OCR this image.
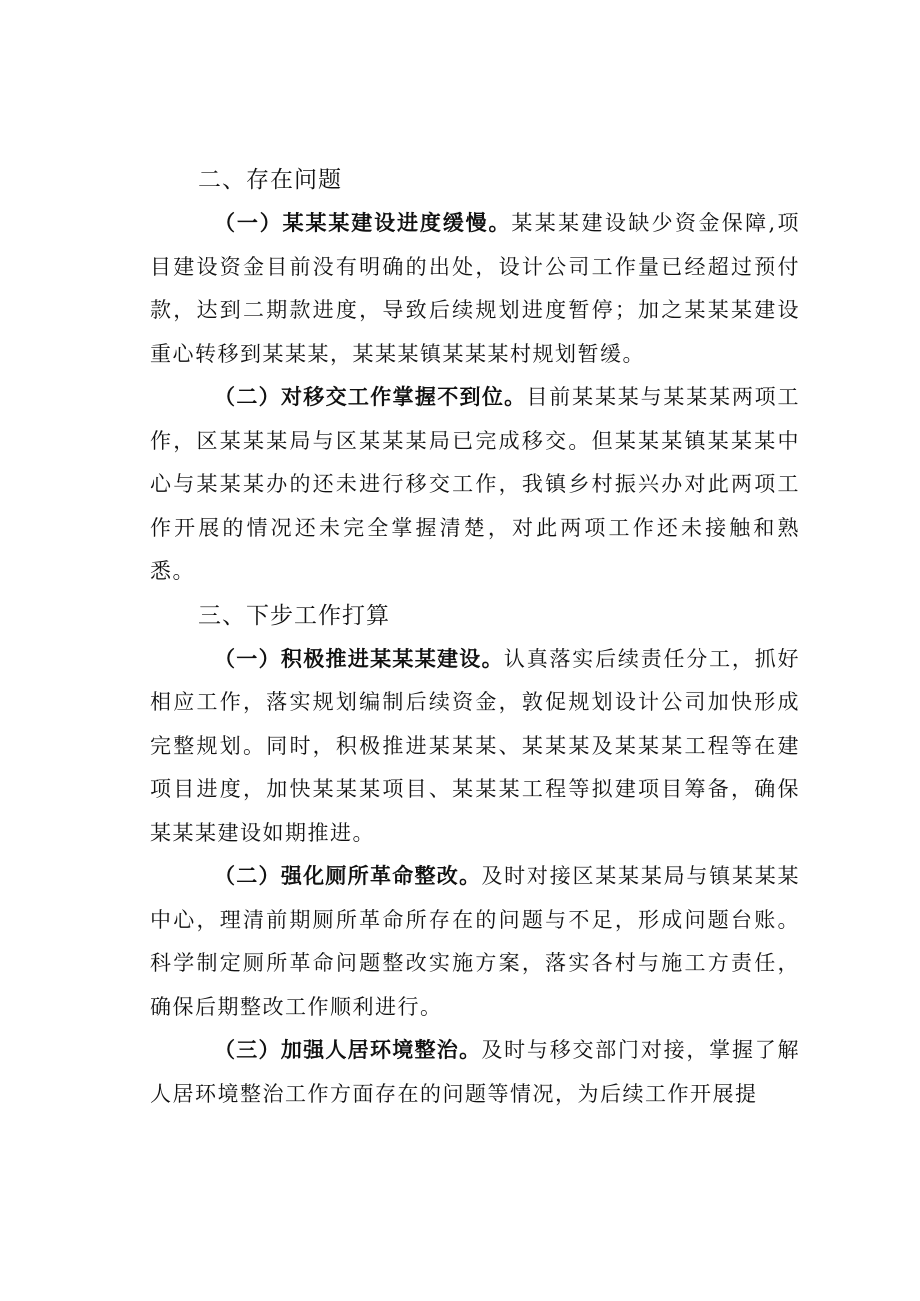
二、存在问题

（一）某某某建设进度缓慢。某某某建设缺少资金保障,项目建设资金目前没有明确的出处，设计公司工作量已经超过预付款，达到二期款进度，导致后续规划进度暂停；加之某某某建设重心转移到某某某，某某某镇某某某村规划暂缓。

（二）对移交工作掌握不到位。目前某某某与某某某两项工作，区某某某局与区某某某局已完成移交。但某某某镇某某某中心与某某某办的还未进行移交工作，我镇乡村振兴办对此两项工作开展的情况还未完全掌握清楚，对此两项工作还未接触和熟悉。

三、下步工作打算

（一）积极推进某某某建设。认真落实后续责任分工，抓好相应工作，落实规划编制后续资金，敦促规划设计公司加快形成完整规划。同时，积极推进某某某、某某某及某某某工程等在建项目进度，加快某某某项目、某某某工程等拟建项目筹备，确保某某某建设如期推进。

（二）强化厕所革命整改。及时对接区某某某局与镇某某某中心，理清前期厕所革命所存在的问题与不足，形成问题台账。科学制定厕所革命问题整改实施方案，落实各村与施工方责任，确保后期整改工作顺利进行。

（三）加强人居环境整治。及时与移交部门对接，掌握了解人居环境整治工作方面存在的问题等情况，为后续工作开展提
